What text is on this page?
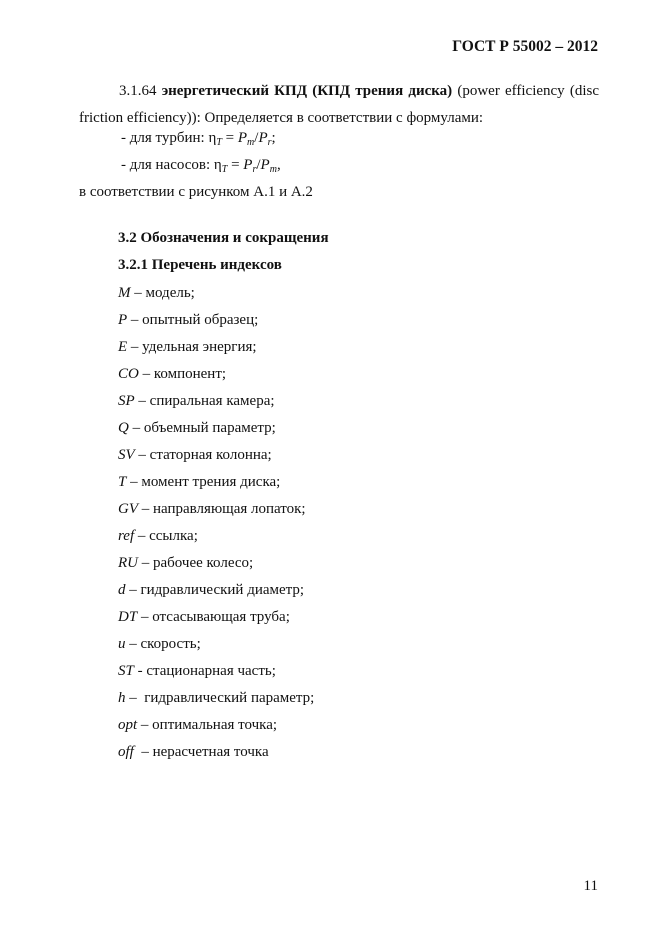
ГОСТ Р 55002 – 2012
3.1.64 энергетический КПД (КПД трения диска) (power efficiency (disc friction efficiency)): Определяется в соответствии с формулами:
- для турбин: $\eta_T = P_m/P_r$;
- для насосов: $\eta_T = P_r/P_m$,
в соответствии с рисунком А.1 и А.2
3.2 Обозначения и сокращения
3.2.1 Перечень индексов
M – модель;
P – опытный образец;
E – удельная энергия;
CO – компонент;
SP – спиральная камера;
Q – объемный параметр;
SV – статорная колонна;
T – момент трения диска;
GV – направляющая лопаток;
ref – ссылка;
RU – рабочее колесо;
d – гидравлический диаметр;
DT – отсасывающая труба;
u – скорость;
ST - стационарная часть;
h –  гидравлический параметр;
opt – оптимальная точка;
off  – нерасчетная точка
11
